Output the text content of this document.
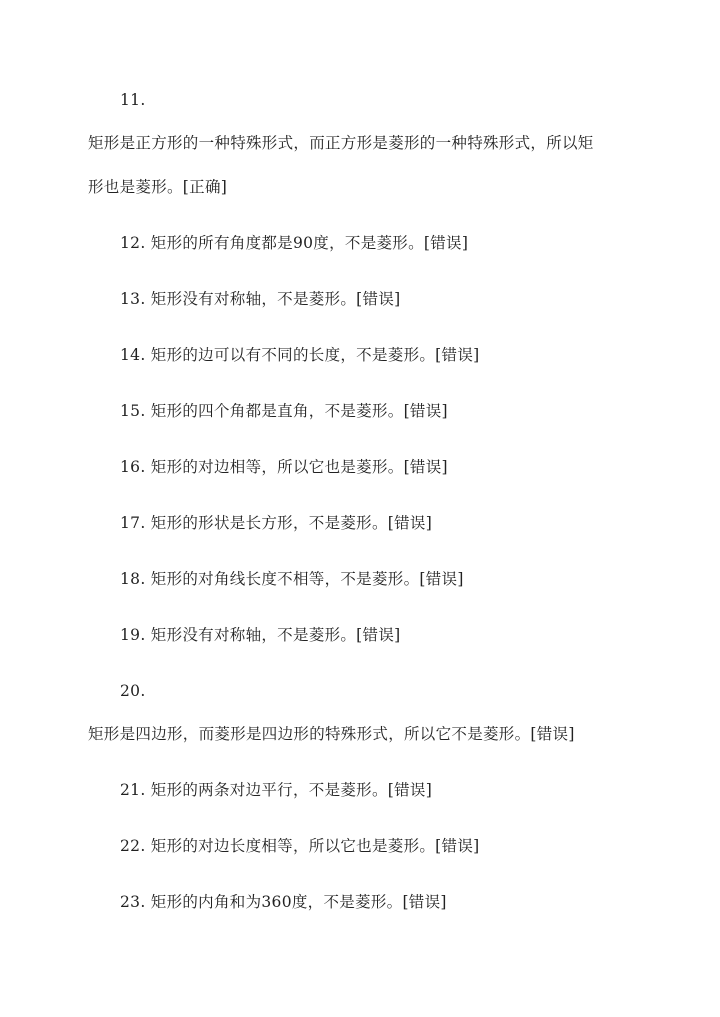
11.
矩形是正方形的一种特殊形式，而正方形是菱形的一种特殊形式，所以矩
形也是菱形。[正确]
12. 矩形的所有角度都是90度，不是菱形。[错误]
13. 矩形没有对称轴，不是菱形。[错误]
14. 矩形的边可以有不同的长度，不是菱形。[错误]
15. 矩形的四个角都是直角，不是菱形。[错误]
16. 矩形的对边相等，所以它也是菱形。[错误]
17. 矩形的形状是长方形，不是菱形。[错误]
18. 矩形的对角线长度不相等，不是菱形。[错误]
19. 矩形没有对称轴，不是菱形。[错误]
20.
矩形是四边形，而菱形是四边形的特殊形式，所以它不是菱形。[错误]
21. 矩形的两条对边平行，不是菱形。[错误]
22. 矩形的对边长度相等，所以它也是菱形。[错误]
23. 矩形的内角和为360度，不是菱形。[错误]
